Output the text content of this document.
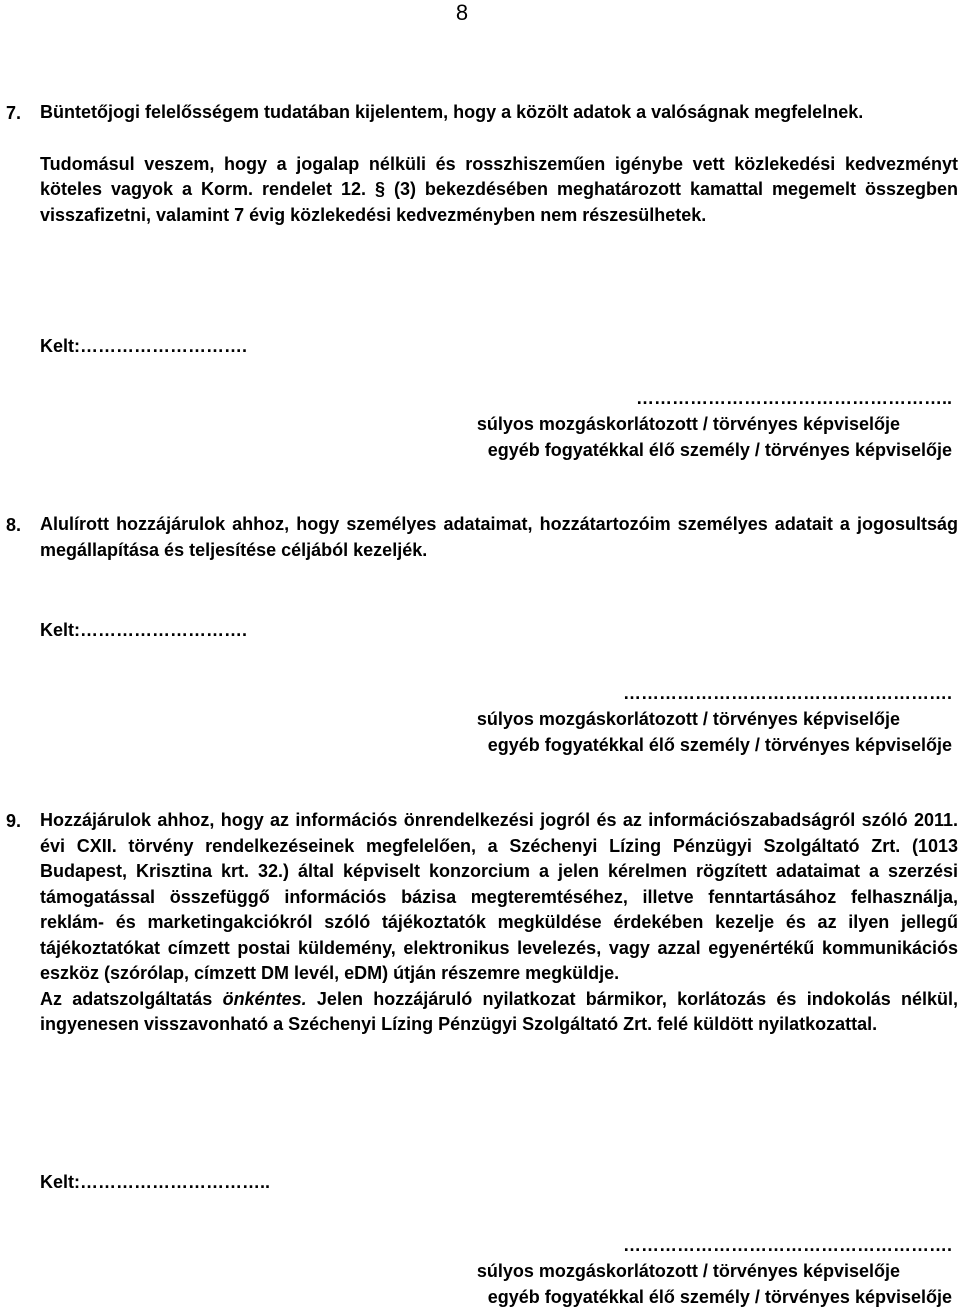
8
7. Büntetőjogi felelősségem tudatában kijelentem, hogy a közölt adatok a valóságnak megfelelnek.

Tudomásul veszem, hogy a jogalap nélküli és rosszhiszeműen igénybe vett közlekedési kedvezményt köteles vagyok a Korm. rendelet 12. § (3) bekezdésében meghatározott kamattal megemelt összegben visszafizetni, valamint 7 évig közlekedési kedvezményben nem részesülhetek.

Kelt:……………………….
……………………………………………..
súlyos mozgáskorlátozott / törvényes képviselője
egyéb fogyatékkal élő személy / törvényes képviselője
8. Alulírott hozzájárulok ahhoz, hogy személyes adataimat, hozzátartozóim személyes adatait a jogosultság megállapítása és teljesítése céljából kezeljék.

Kelt:……………………….
……………………………………………….
súlyos mozgáskorlátozott / törvényes képviselője
egyéb fogyatékkal élő személy / törvényes képviselője
9. Hozzájárulok ahhoz, hogy az információs önrendelkezési jogról és az információszabadságról szóló 2011. évi CXII. törvény rendelkezéseinek megfelelően, a Széchenyi Lízing Pénzügyi Szolgáltató Zrt. (1013 Budapest, Krisztina krt. 32.) által képviselt konzorcium a jelen kérelmen rögzített adataimat a szerzési támogatással összefüggő információs bázisa megteremtéséhez, illetve fenntartásához felhasználja, reklám- és marketingakciókról szóló tájékoztatók megküldése érdekében kezelje és az ilyen jellegű tájékoztatókat címzett postai küldemény, elektronikus levelezés, vagy azzal egyenértékű kommunikációs eszköz (szórólap, címzett DM levél, eDM) útján részemre megküldje.

Az adatszolgáltatás önkéntes. Jelen hozzájáruló nyilatkozat bármikor, korlátozás és indokolás nélkül, ingyenesen visszavonható a Széchenyi Lízing Pénzügyi Szolgáltató Zrt. felé küldött nyilatkozattal.

Kelt:…………………………..
……………………………………………….
súlyos mozgáskorlátozott / törvényes képviselője
egyéb fogyatékkal élő személy / törvényes képviselője
